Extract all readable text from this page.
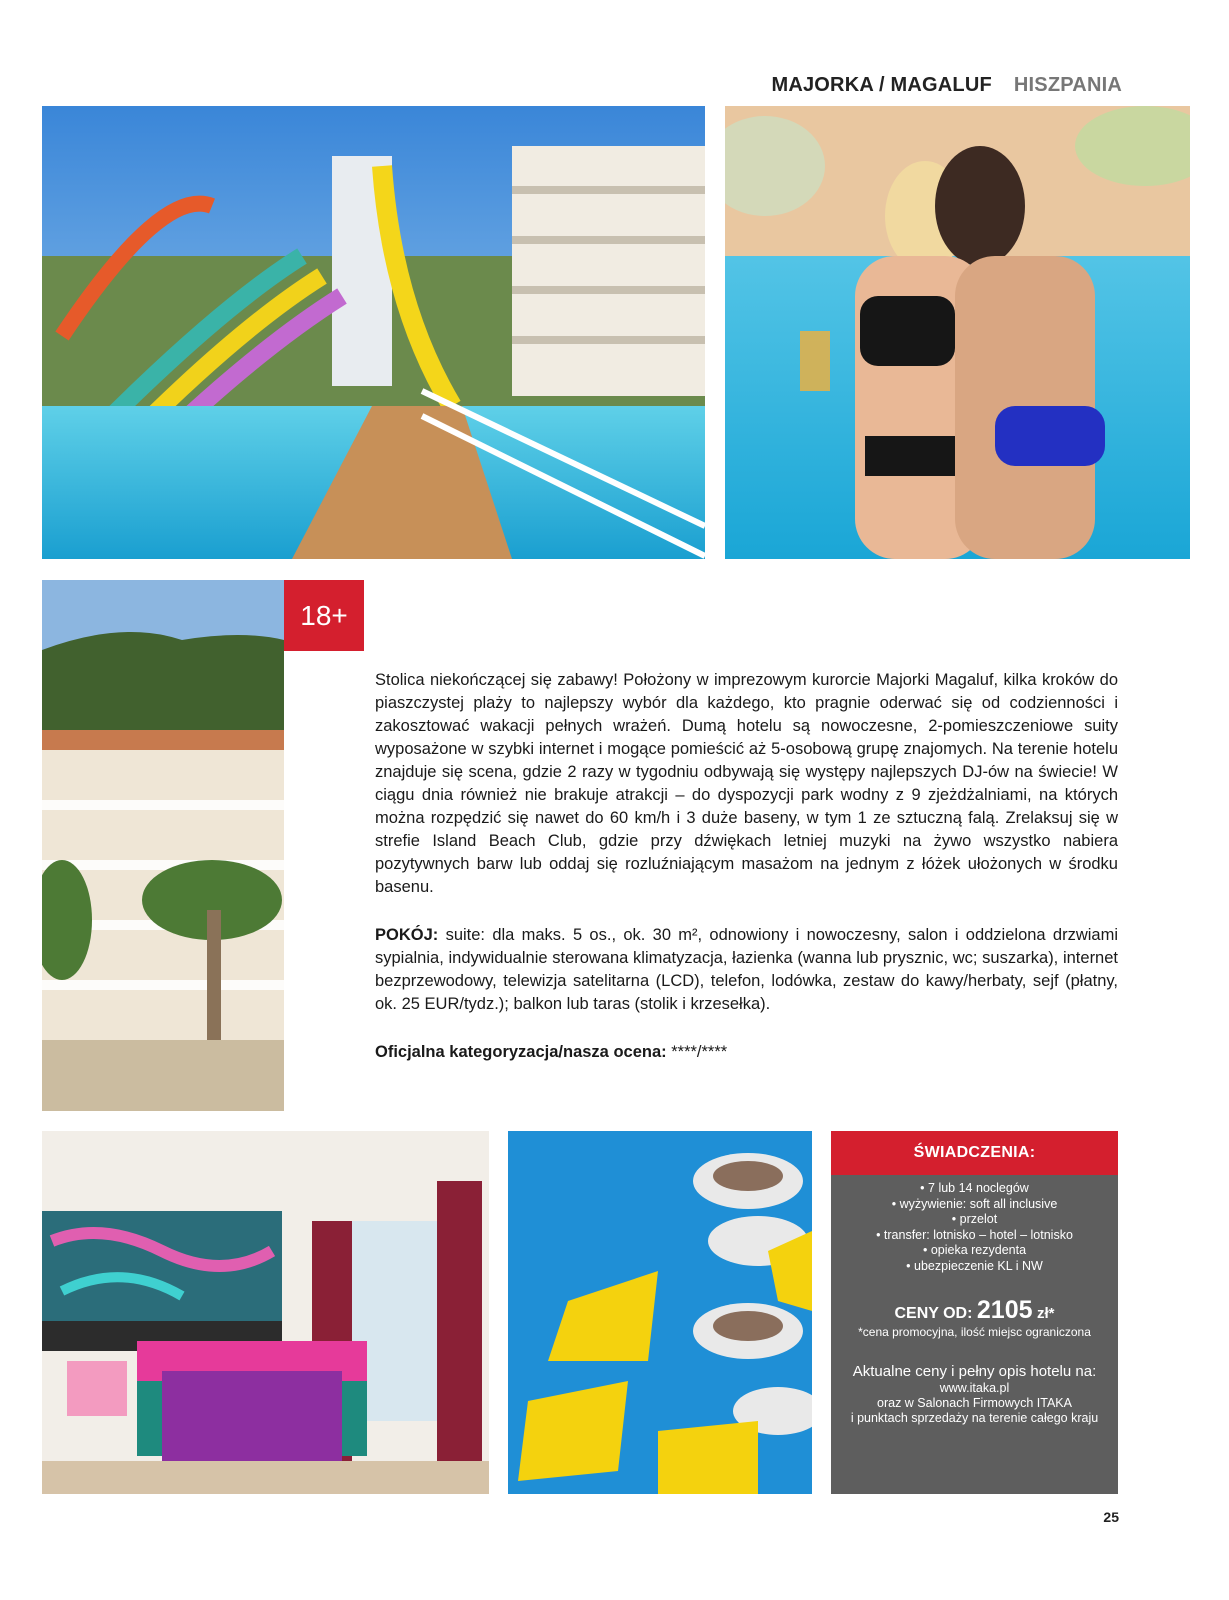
MAJORKA / MAGALUF HISZPANIA
18+
Stolica niekończącej się zabawy! Położony w imprezowym kurorcie Majorki Magaluf, kilka kroków do piaszczystej plaży to najlepszy wybór dla każdego, kto pragnie oderwać się od codzienności i zakosztować wakacji pełnych wrażeń. Dumą hotelu są nowoczesne, 2-pomieszczeniowe suity wyposażone w szybki internet i mogące pomieścić aż 5-osobową grupę znajomych. Na terenie hotelu znajduje się scena, gdzie 2 razy w tygodniu odbywają się występy najlepszych DJ-ów na świecie! W ciągu dnia również nie brakuje atrakcji – do dyspozycji park wodny z 9 zjeżdżalniami, na których można rozpędzić się nawet do 60 km/h i 3 duże baseny, w tym 1 ze sztuczną falą. Zrelaksuj się w strefie Island Beach Club, gdzie przy dźwiękach letniej muzyki na żywo wszystko nabiera pozytywnych barw lub oddaj się rozluźniającym masażom na jednym z łóżek ułożonych w środku basenu.
POKÓJ: suite: dla maks. 5 os., ok. 30 m², odnowiony i nowoczesny, salon i oddzielona drzwiami sypialnia, indywidualnie sterowana klimatyzacja, łazienka (wanna lub prysznic, wc; suszarka), internet bezprzewodowy, telewizja satelitarna (LCD), telefon, lodówka, zestaw do kawy/herbaty, sejf (płatny, ok. 25 EUR/tydz.); balkon lub taras (stolik i krzesełka).
Oficjalna kategoryzacja/nasza ocena: ****/****
ŚWIADCZENIA:
• 7 lub 14 noclegów
• wyżywienie: soft all inclusive
• przelot
• transfer: lotnisko – hotel – lotnisko
• opieka rezydenta
• ubezpieczenie KL i NW
CENY OD: 2105 zł*
*cena promocyjna, ilość miejsc ograniczona
Aktualne ceny i pełny opis hotelu na:
www.itaka.pl
oraz w Salonach Firmowych ITAKA
i punktach sprzedaży na terenie całego kraju
25
